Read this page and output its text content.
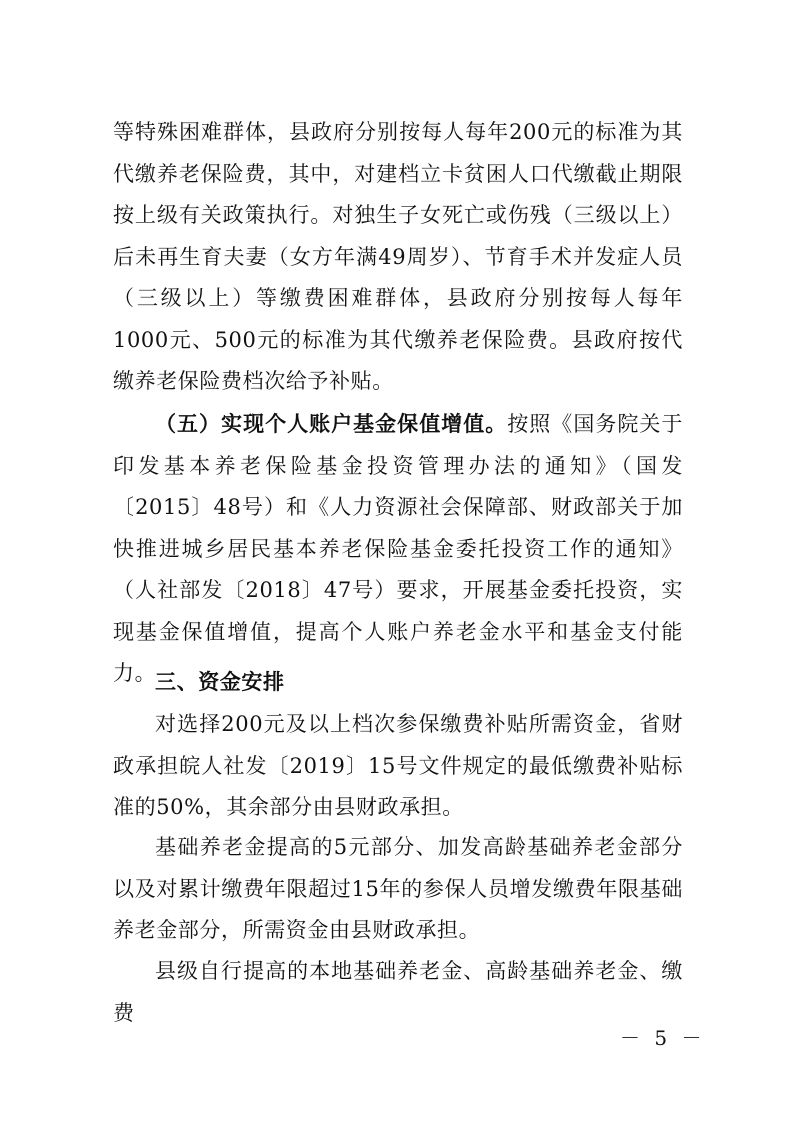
等特殊困难群体，县政府分别按每人每年200元的标准为其代缴养老保险费，其中，对建档立卡贫困人口代缴截止期限按上级有关政策执行。对独生子女死亡或伤残（三级以上）后未再生育夫妻（女方年满49周岁）、节育手术并发症人员（三级以上）等缴费困难群体，县政府分别按每人每年1000元、500元的标准为其代缴养老保险费。县政府按代缴养老保险费档次给予补贴。

（五）实现个人账户基金保值增值。按照《国务院关于印发基本养老保险基金投资管理办法的通知》（国发〔2015〕48号）和《人力资源社会保障部、财政部关于加快推进城乡居民基本养老保险基金委托投资工作的通知》（人社部发〔2018〕47号）要求，开展基金委托投资，实现基金保值增值，提高个人账户养老金水平和基金支付能力。

三、资金安排

对选择200元及以上档次参保缴费补贴所需资金，省财政承担皖人社发〔2019〕15号文件规定的最低缴费补贴标准的50%，其余部分由县财政承担。

基础养老金提高的5元部分、加发高龄基础养老金部分以及对累计缴费年限超过15年的参保人员增发缴费年限基础养老金部分，所需资金由县财政承担。

县级自行提高的本地基础养老金、高龄基础养老金、缴费

－ 5 －
